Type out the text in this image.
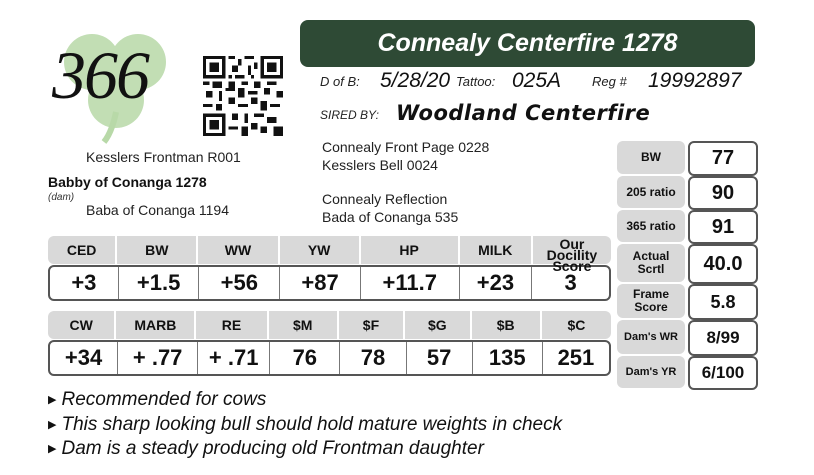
366	Connealy Centerfire 1278
D of B: 5/28/20 Tattoo: 025A Reg # 19992897
SIRED BY: Woodland Centerfire
Connealy Front Page 0228
Kesslers Bell 0024
Connealy Reflection
Bada of Conanga 535
Kesslers Frontman R001
Babby of Conanga 1278
(dam)
Baba of Conanga 1194
CED	BW	WW	YW	HP	MILK	Our Docility Score
+3	+1.5	+56	+87	+11.7	+23	3
CW	MARB	RE	$M	$F	$G	$B	$C
+34	+ .77	+ .71	76	78	57	135	251
BW	77
205 ratio	90
365 ratio	91
Actual Scrtl	40.0
Frame Score	5.8
Dam's WR	8/99
Dam's YR	6/100
▶ Recommended for cows
▶ This sharp looking bull should hold mature weights in check
▶ Dam is a steady producing old Frontman daughter
